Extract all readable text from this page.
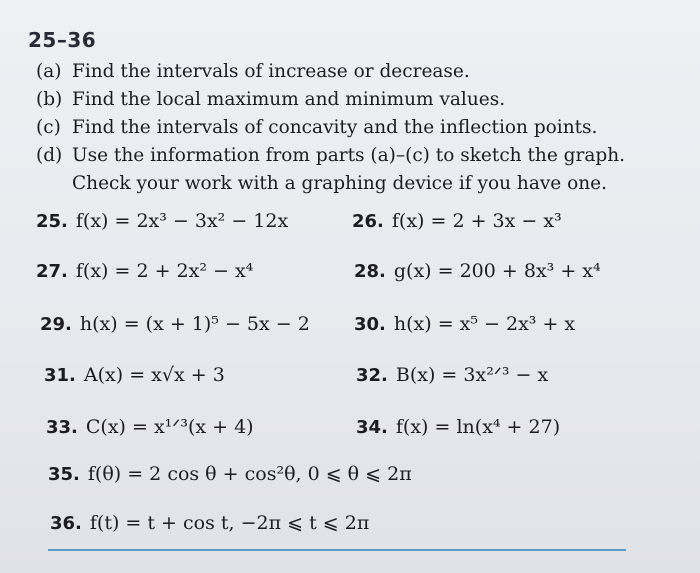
25–36
(a) Find the intervals of increase or decrease.
(b) Find the local maximum and minimum values.
(c) Find the intervals of concavity and the inflection points.
(d) Use the information from parts (a)–(c) to sketch the graph.
Check your work with a graphing device if you have one.
25. f(x) = 2x³ − 3x² − 12x
27. f(x) = 2 + 2x² − x⁴
29. h(x) = (x + 1)⁵ − 5x − 2
31. A(x) = x√x + 3
33. C(x) = x¹ᐟ³(x + 4)
35. f(θ) = 2 cos θ + cos²θ, 0 ⩽ θ ⩽ 2π
36. f(t) = t + cos t, −2π ⩽ t ⩽ 2π
26. f(x) = 2 + 3x − x³
28. g(x) = 200 + 8x³ + x⁴
30. h(x) = x⁵ − 2x³ + x
32. B(x) = 3x²ᐟ³ − x
34. f(x) = ln(x⁴ + 27)
